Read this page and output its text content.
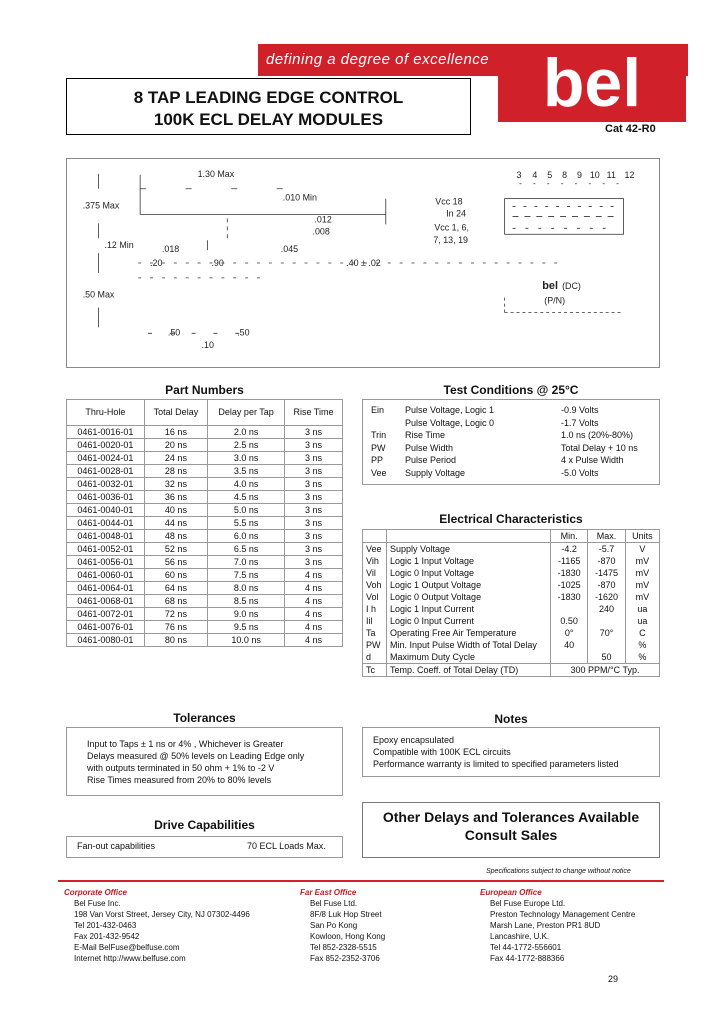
defining a degree of excellence bel
8 TAP LEADING EDGE CONTROL
100K ECL DELAY MODULES	Cat 42-R0
1.30 Max
.375 Max
.010 Min
.012
.008
.12 Min	.018	.045
.20	.90	.40 ± .02
.50 Max
.50	.50
.10
3 4 5 8 9 10 11 12
Vcc 18
In 24
Vcc 1, 6,
7, 13, 19
bel (DC)
(P/N)
Part Numbers
Thru-Hole	Total Delay	Delay per Tap	Rise Time
0461-0016-01	16 ns	2.0 ns	3 ns
0461-0020-01	20 ns	2.5 ns	3 ns
0461-0024-01	24 ns	3.0 ns	3 ns
0461-0028-01	28 ns	3.5 ns	3 ns
0461-0032-01	32 ns	4.0 ns	3 ns
0461-0036-01	36 ns	4.5 ns	3 ns
0461-0040-01	40 ns	5.0 ns	3 ns
0461-0044-01	44 ns	5.5 ns	3 ns
0461-0048-01	48 ns	6.0 ns	3 ns
0461-0052-01	52 ns	6.5 ns	3 ns
0461-0056-01	56 ns	7.0 ns	3 ns
0461-0060-01	60 ns	7.5 ns	4 ns
0461-0064-01	64 ns	8.0 ns	4 ns
0461-0068-01	68 ns	8.5 ns	4 ns
0461-0072-01	72 ns	9.0 ns	4 ns
0461-0076-01	76 ns	9.5 ns	4 ns
0461-0080-01	80 ns	10.0 ns	4 ns
Test Conditions @ 25°C
Ein Pulse Voltage, Logic 1	-0.9 Volts
Pulse Voltage, Logic 0	-1.7 Volts
Trin Rise Time	1.0 ns (20%-80%)
PW Pulse Width	Total Delay + 10 ns
PP Pulse Period	4 x Pulse Width
Vee Supply Voltage	-5.0 Volts
Electrical Characteristics
		Min.	Max.	Units
Vee	Supply Voltage	-4.2	-5.7	V
Vih	Logic 1 Input Voltage	-1165	-870	mV
Vil	Logic 0 Input Voltage	-1830	-1475	mV
Voh	Logic 1 Output Voltage	-1025	-870	mV
Vol	Logic 0 Output Voltage	-1830	-1620	mV
I h	Logic 1 Input Current		240	ua
Iil	Logic 0 Input Current	0.50		ua
Ta	Operating Free Air Temperature	0°	70°	C
PW	Min. Input Pulse Width of Total Delay	40		%
d	Maximum Duty Cycle		50	%
Tc	Temp. Coeff. of Total Delay (TD)	300 PPM/°C Typ.		
Tolerances
Input to Taps ± 1 ns or 4% , Whichever is Greater
Delays measured @ 50% levels on Leading Edge only
with outputs terminated in 50 ohm + 1% to -2 V
Rise Times measured from 20% to 80% levels
Notes
Epoxy encapsulated
Compatible with 100K ECL circuits
Performance warranty is limited to specified parameters listed
Drive Capabilities
Fan-out capabilities	70 ECL Loads Max.
Other Delays and Tolerances Available
Consult Sales
Specifications subject to change without notice
Corporate Office
Bel Fuse Inc.
198 Van Vorst Street, Jersey City, NJ 07302-4496
Tel 201-432-0463
Fax 201-432-9542
E-Mail BelFuse@belfuse.com
Internet http://www.belfuse.com
Far East Office
Bel Fuse Ltd.
8F/8 Luk Hop Street
San Po Kong
Kowloon, Hong Kong
Tel 852-2328-5515
Fax 852-2352-3706
European Office
Bel Fuse Europe Ltd.
Preston Technology Management Centre
Marsh Lane, Preston PR1 8UD
Lancashire, U.K.
Tel 44-1772-556601
Fax 44-1772-888366
29
